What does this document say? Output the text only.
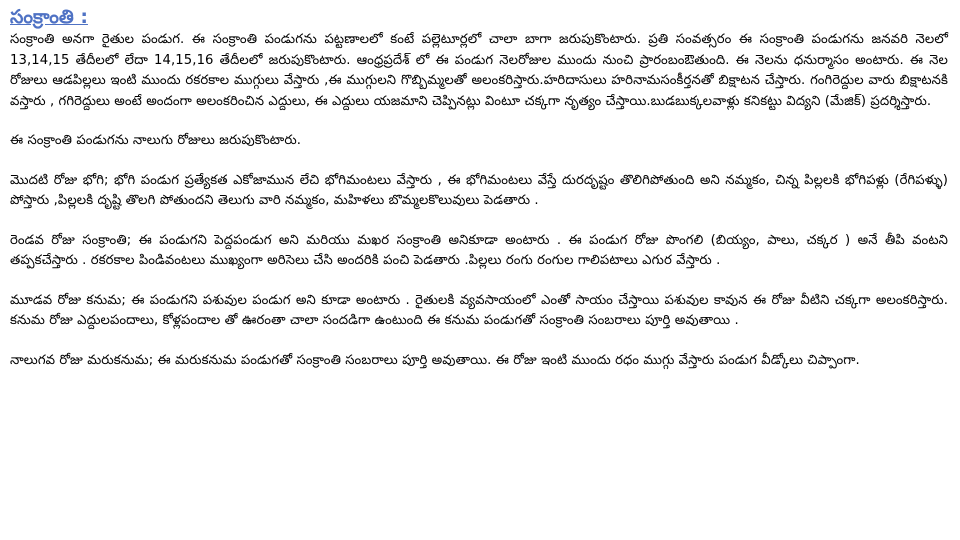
సంక్రాంతి :

సంక్రాంతి అనగా రైతుల పండుగ. ఈ సంక్రాంతి పండుగను పట్టణాలలో కంటే పల్లెటూర్లలో చాలా బాగా జరుపుకొంటారు. ప్రతి సంవత్సరం ఈ సంక్రాంతి పండుగను జనవరి నెలలో 13,14,15 తేదీలలో లేదా 14,15,16 తేదీలలో జరుపుకొంటారు. ఆంధ్రప్రదేశ్ లో ఈ పండుగ నెలరోజుల ముందు నుంచి ప్రారంబంఔతుంది. ఈ నెలను ధనుర్మాసం అంటారు. ఈ నెల రోజులు ఆడపిల్లలు ఇంటి ముందు రకరకాల ముగ్గులు వేస్తారు ,ఈ ముగ్గులని గొబ్బిమ్మలతో అలంకరిస్తారు.హరిదాసులు హరినామసంకీర్తనతో బిక్షాటన చేస్తారు. గంగిరెద్దుల వారు బిక్షాటనకి వస్తారు , గగిరెద్దులు అంటే అందంగా అలంకరించిన ఎద్దులు, ఈ ఎద్దులు యజమాని చెప్పినట్లు వింటూ చక్కగా నృత్యం చేస్తాయి.బుడబుక్కలవాళ్లు కనికట్టు విద్యని (మేజిక్) ప్రదర్శిస్తారు.

ఈ సంక్రాంతి పండుగను నాలుగు రోజులు జరుపుకొంటారు.

మొదటి రోజు భోగి; భోగి పండుగ ప్రత్యేకత ఎకోజామున లేచి భోగిమంటలు వేస్తారు , ఈ భోగిమంటలు వేస్తే దురదృష్టం తొలిగిపోతుంది అని నమ్మకం, చిన్న పిల్లలకి భోగిపళ్లు (రేగిపళ్ళు) పోస్తారు ,పిల్లలకి దృష్టి తొలగి పోతుందని తెలుగు వారి నమ్మకం, మహిళలు బొమ్మలకొలువులు పెడతారు .

రెండవ రోజు సంక్రాంతి; ఈ పండుగని పెద్దపండుగ అని మరియు మఖర సంక్రాంతి అనికూడా అంటారు . ఈ పండుగ రోజు పొంగలి (బియ్యం, పాలు, చక్కర ) అనే తీపి వంటని తప్పకచేస్తారు . రకరకాల పిండివంటలు ముఖ్యంగా అరిసెలు చేసి అందరికి పంచి పెడతారు .పిల్లలు రంగు రంగుల గాలిపటాలు ఎగుర వేస్తారు .

మూడవ రోజు కనుమ; ఈ పండుగని పశువుల పండుగ అని కూడా అంటారు . రైతులకి వ్యవసాయంలో ఎంతో సాయం చేస్తాయి పశువుల కావున ఈ రోజు వీటిని చక్కగా అలంకరిస్తారు. కనుమ రోజు ఎద్దులపందాలు, కోళ్లపందాల తో ఊరంతా చాలా సందడిగా ఉంటుంది ఈ కనుమ పండుగతో సంక్రాంతి సంబరాలు పూర్తి అవుతాయి .

నాలుగవ రోజు మరుకనుమ; ఈ మరుకనుమ పండుగతో సంక్రాంతి సంబరాలు పూర్తి అవుతాయి. ఈ రోజు ఇంటి ముందు రధం ముగ్గు వేస్తారు పండుగ వీడ్కోలు చిప్పాంగా.
